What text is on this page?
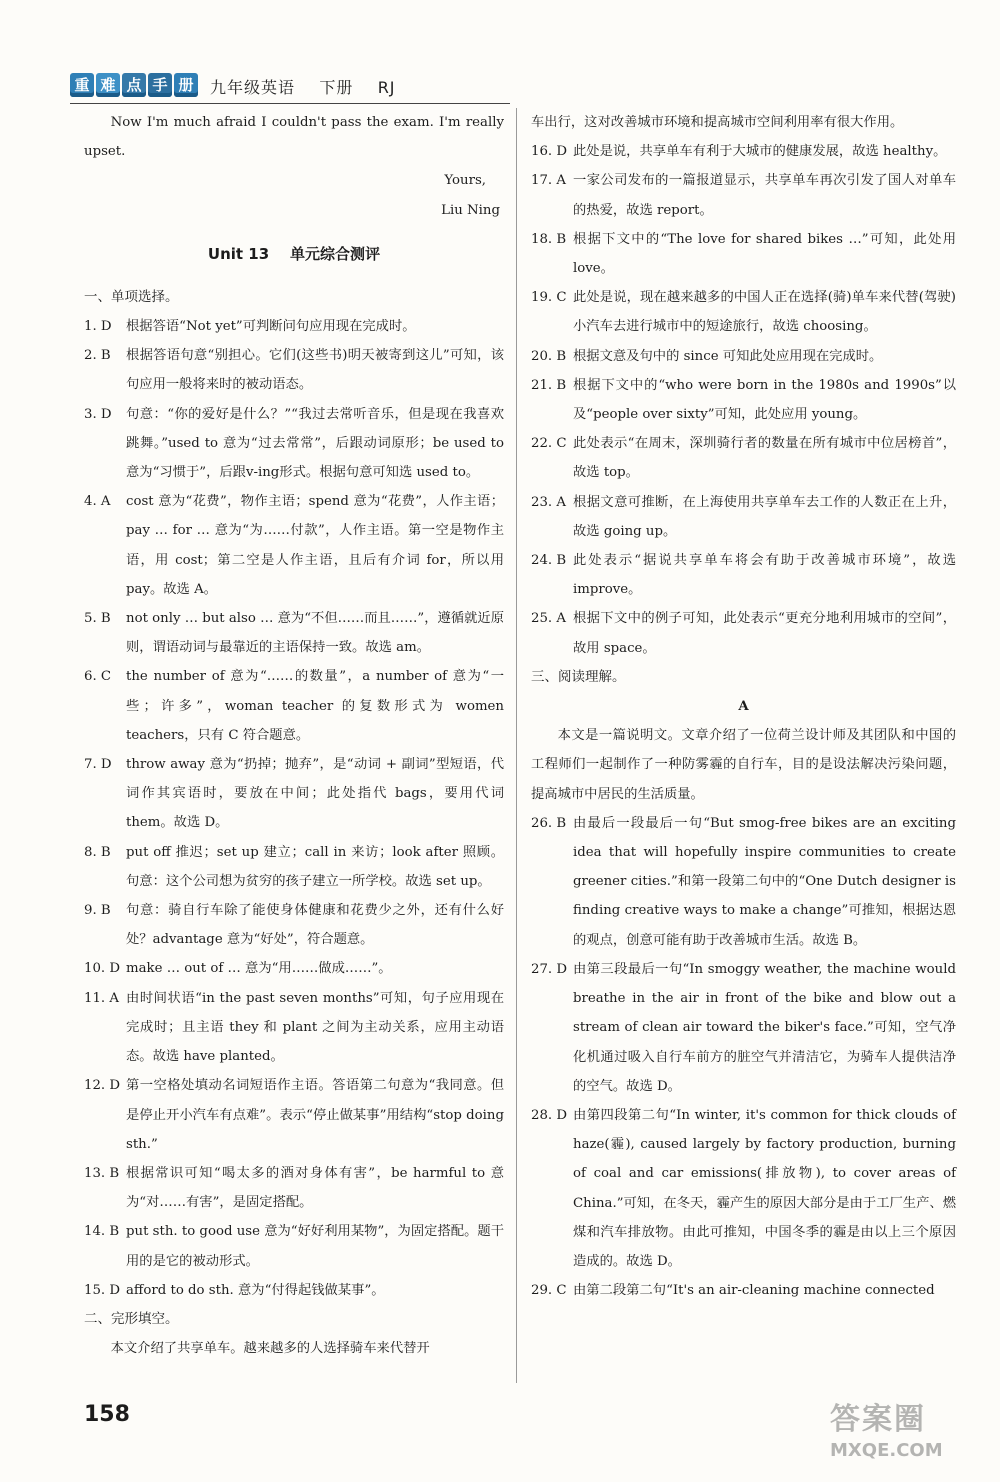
重 难 点 手 册 九年级英语    下册    RJ

Now I'm much afraid I couldn't pass the exam. I'm really upset.

Yours,

Liu Ning

Unit 13    单元综合测评

一、单项选择。

1. D	根据答语“Not yet”可判断问句应用现在完成时。
2. B	根据答语句意“别担心。它们(这些书)明天被寄到这儿”可知，该句应用一般将来时的被动语态。
3. D	句意：“你的爱好是什么？”“我过去常听音乐，但是现在我喜欢跳舞。”used to 意为“过去常常”，后跟动词原形；be used to 意为“习惯于”，后跟v-ing形式。根据句意可知选 used to。
4. A	cost 意为“花费”，物作主语；spend 意为“花费”，人作主语；pay … for … 意为“为……付款”，人作主语。第一空是物作主语，用 cost；第二空是人作主语，且后有介词 for，所以用 pay。故选 A。
5. B	not only … but also … 意为“不但……而且……”，遵循就近原则，谓语动词与最靠近的主语保持一致。故选 am。
6. C	the number of 意为“……的数量”，a number of 意为“一些；许多”，woman teacher 的复数形式为 women teachers，只有 C 符合题意。
7. D	throw away 意为“扔掉；抛弃”，是“动词 + 副词”型短语，代词作其宾语时，要放在中间；此处指代 bags，要用代词 them。故选 D。
8. B	put off 推迟；set up 建立；call in 来访；look after 照顾。句意：这个公司想为贫穷的孩子建立一所学校。故选 set up。
9. B	句意：骑自行车除了能使身体健康和花费少之外，还有什么好处？advantage 意为“好处”，符合题意。
10. D make … out of … 意为“用……做成……”。
11. A 由时间状语“in the past seven months”可知，句子应用现在完成时；且主语 they 和 plant 之间为主动关系，应用主动语态。故选 have planted。
12. D 第一空格处填动名词短语作主语。答语第二句意为“我同意。但是停止开小汽车有点难”。表示“停止做某事”用结构“stop doing sth.”
13. B 根据常识可知“喝太多的酒对身体有害”，be harmful to 意为“对……有害”，是固定搭配。
14. B put sth. to good use 意为“好好利用某物”，为固定搭配。题干用的是它的被动形式。
15. D afford to do sth. 意为“付得起钱做某事”。

二、完形填空。

本文介绍了共享单车。越来越多的人选择骑车来代替开

车出行，这对改善城市环境和提高城市空间利用率有很大作用。

16. D 此处是说，共享单车有利于大城市的健康发展，故选 healthy。
17. A 一家公司发布的一篇报道显示，共享单车再次引发了国人对单车的热爱，故选 report。
18. B 根据下文中的“The love for shared bikes …”可知，此处用 love。
19. C 此处是说，现在越来越多的中国人正在选择(骑)单车来代替(驾驶)小汽车去进行城市中的短途旅行，故选 choosing。
20. B 根据文意及句中的 since 可知此处应用现在完成时。
21. B 根据下文中的“who were born in the 1980s and 1990s”以及“people over sixty”可知，此处应用 young。
22. C 此处表示“在周末，深圳骑行者的数量在所有城市中位居榜首”，故选 top。
23. A 根据文意可推断，在上海使用共享单车去工作的人数正在上升，故选 going up。
24. B 此处表示“据说共享单车将会有助于改善城市环境”，故选 improve。
25. A 根据下文中的例子可知，此处表示“更充分地利用城市的空间”，故用 space。

三、阅读理解。

A

本文是一篇说明文。文章介绍了一位荷兰设计师及其团队和中国的工程师们一起制作了一种防雾霾的自行车，目的是设法解决污染问题，提高城市中居民的生活质量。

26. B 由最后一段最后一句“But smog-free bikes are an exciting idea that will hopefully inspire communities to create greener cities.”和第一段第二句中的“One Dutch designer is finding creative ways to make a change”可推知，根据达恩的观点，创意可能有助于改善城市生活。故选 B。
27. D 由第三段最后一句“In smoggy weather, the machine would breathe in the air in front of the bike and blow out a stream of clean air toward the biker's face.”可知，空气净化机通过吸入自行车前方的脏空气并清洁它，为骑车人提供洁净的空气。故选 D。
28. D 由第四段第二句“In winter, it's common for thick clouds of haze(霾), caused largely by factory production, burning of coal and car emissions(排放物), to cover areas of China.”可知，在冬天，霾产生的原因大部分是由于工厂生产、燃煤和汽车排放物。由此可推知，中国冬季的霾是由以上三个原因造成的。故选 D。
29. C 由第二段第二句“It's an air-cleaning machine connected
158	答案圈
MXQE.COM
